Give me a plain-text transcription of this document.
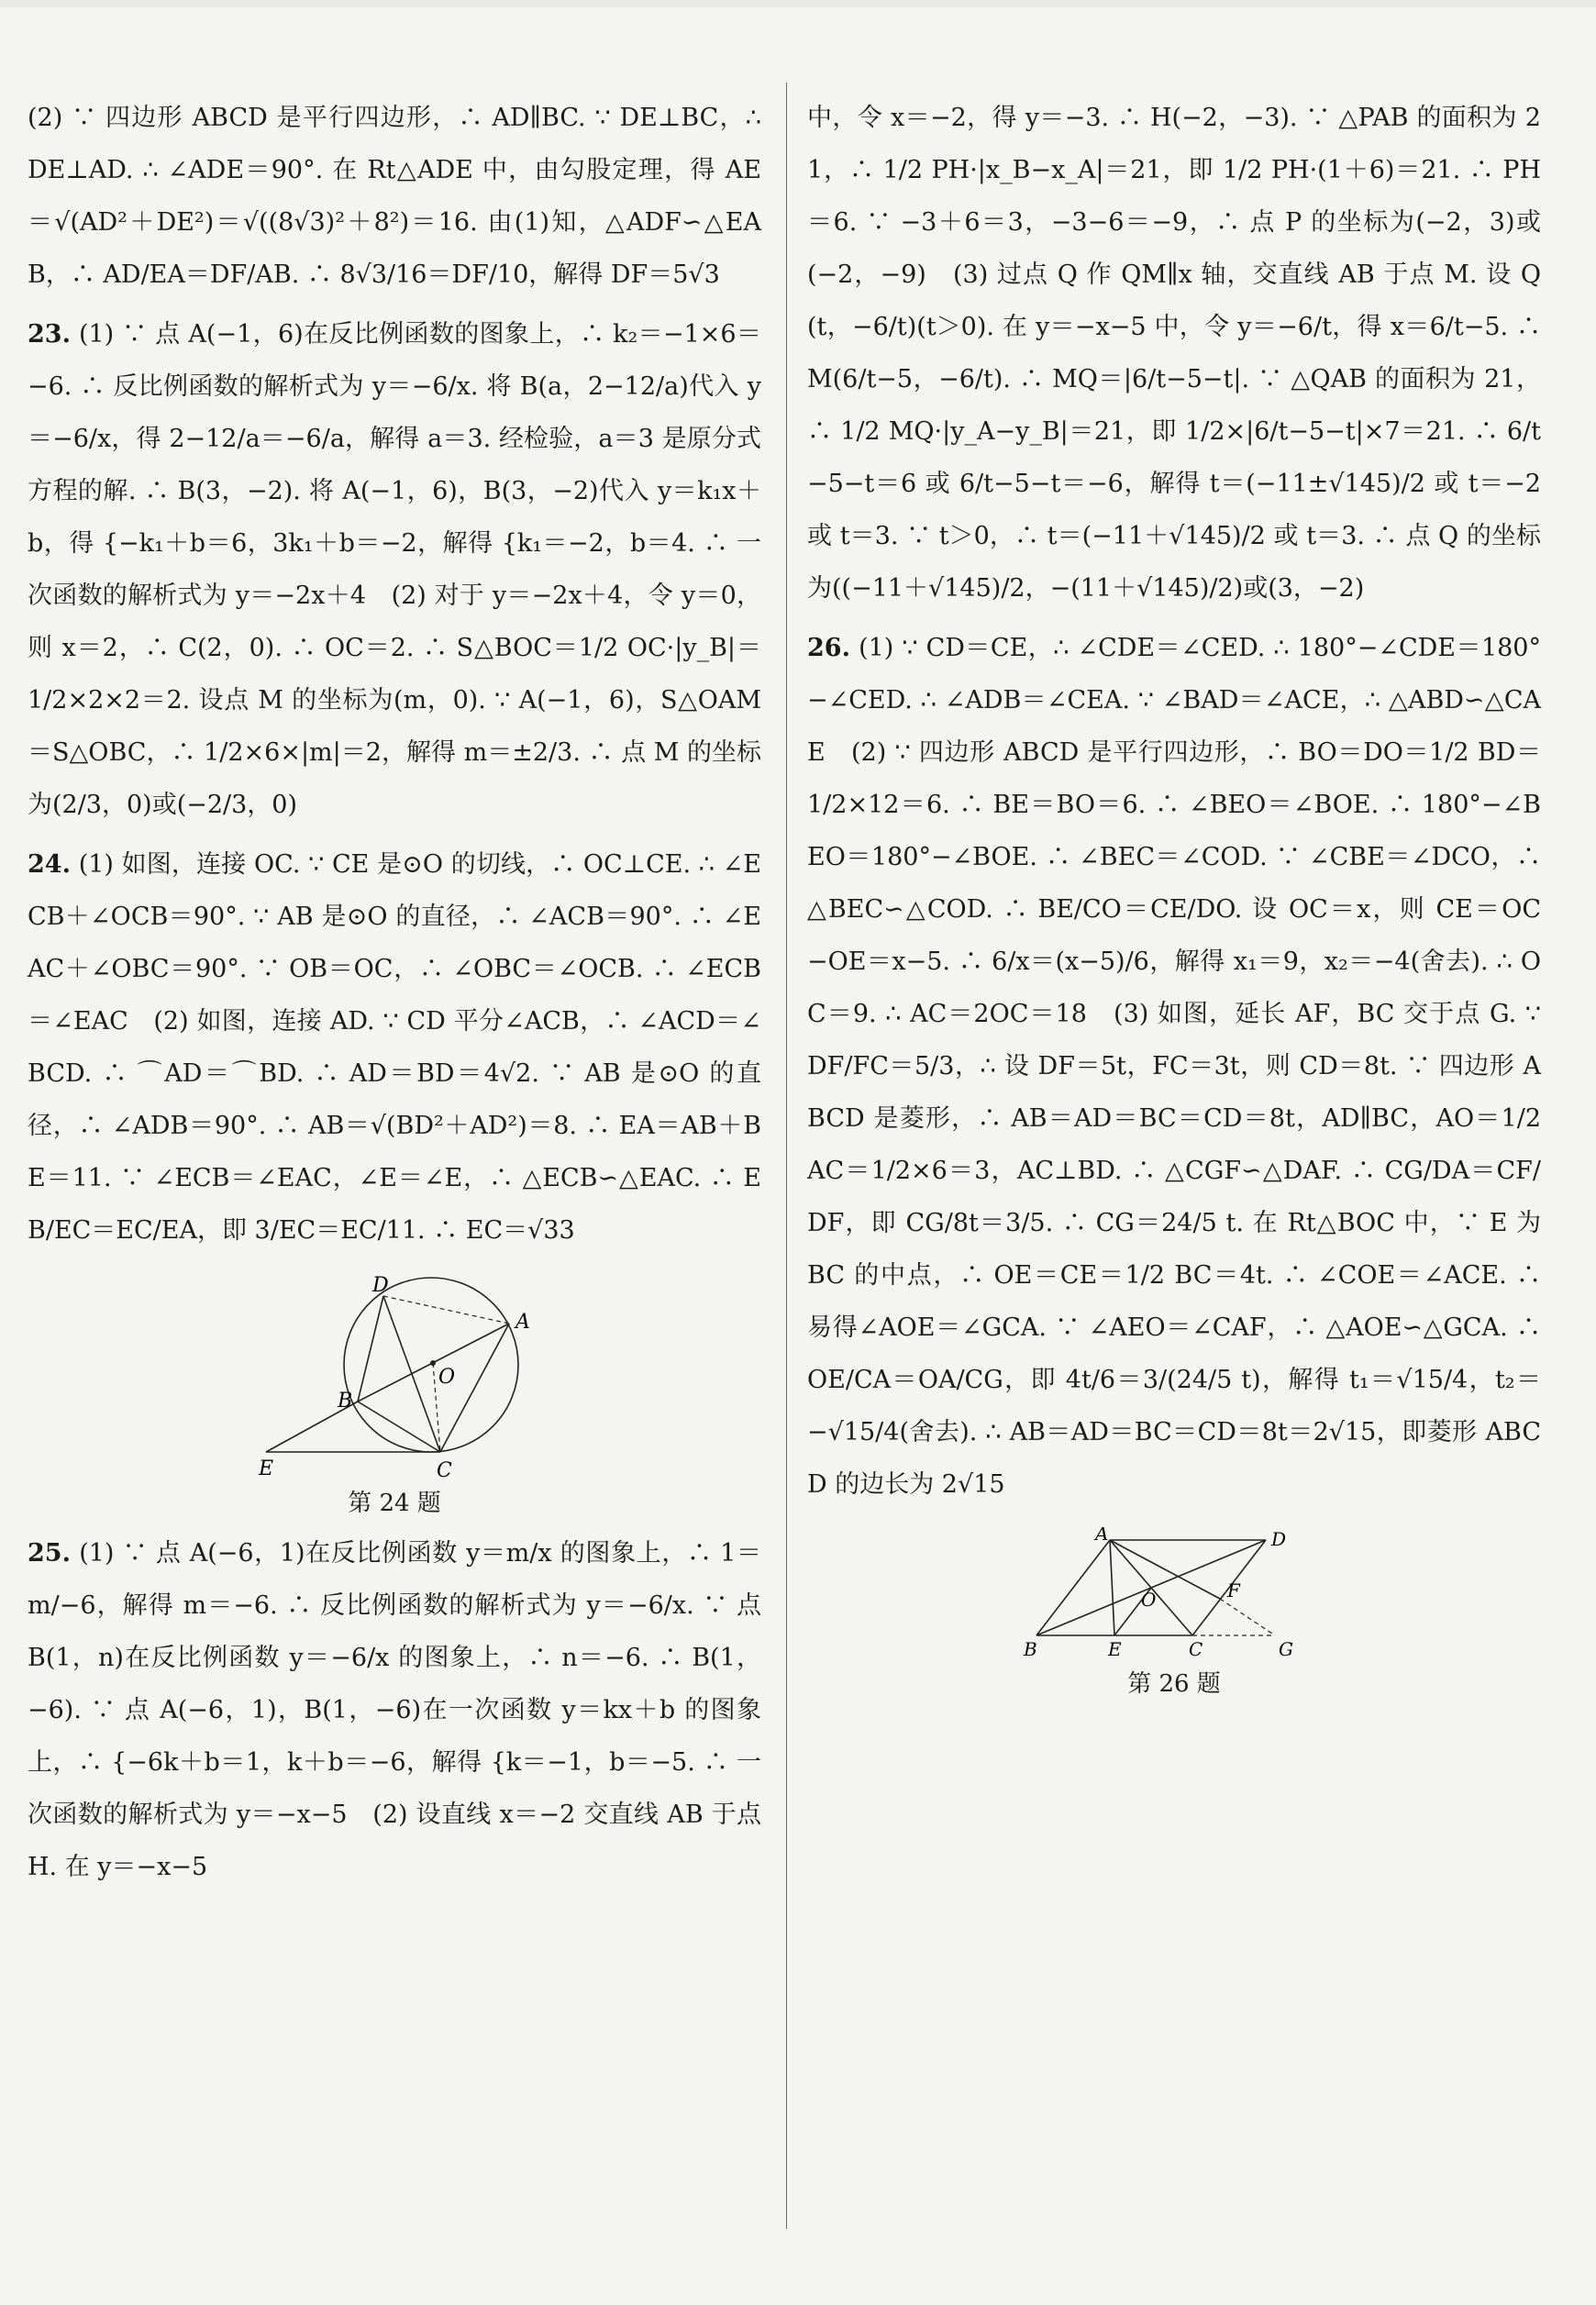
(2) ∵ 四边形 ABCD 是平行四边形，∴ AD∥BC. ∵ DE⊥BC，∴ DE⊥AD. ∴ ∠ADE＝90°. 在 Rt△ADE 中，由勾股定理，得 AE＝√(AD²＋DE²)＝√((8√3)²＋8²)＝16. 由(1)知，△ADF∽△EAB，∴ AD/EA＝DF/AB. ∴ 8√3/16＝DF/10，解得 DF＝5√3

23. (1) ∵ 点 A(−1，6)在反比例函数的图象上，∴ k₂＝−1×6＝−6. ∴ 反比例函数的解析式为 y＝−6/x. 将 B(a，2−12/a)代入 y＝−6/x，得 2−12/a＝−6/a，解得 a＝3. 经检验，a＝3 是原分式方程的解. ∴ B(3，−2). 将 A(−1，6)，B(3，−2)代入 y＝k₁x＋b，得 {−k₁＋b＝6，3k₁＋b＝−2，解得 {k₁＝−2，b＝4. ∴ 一次函数的解析式为 y＝−2x＋4　(2) 对于 y＝−2x＋4，令 y＝0，则 x＝2，∴ C(2，0). ∴ OC＝2. ∴ S△BOC＝1/2 OC·|y_B|＝1/2×2×2＝2. 设点 M 的坐标为(m，0). ∵ A(−1，6)，S△OAM＝S△OBC，∴ 1/2×6×|m|＝2，解得 m＝±2/3. ∴ 点 M 的坐标为(2/3，0)或(−2/3，0)

24. (1) 如图，连接 OC. ∵ CE 是⊙O 的切线，∴ OC⊥CE. ∴ ∠ECB＋∠OCB＝90°. ∵ AB 是⊙O 的直径，∴ ∠ACB＝90°. ∴ ∠EAC＋∠OBC＝90°. ∵ OB＝OC，∴ ∠OBC＝∠OCB. ∴ ∠ECB＝∠EAC　(2) 如图，连接 AD. ∵ CD 平分∠ACB，∴ ∠ACD＝∠BCD. ∴ ⌒AD＝⌒BD. ∴ AD＝BD＝4√2. ∵ AB 是⊙O 的直径，∴ ∠ADB＝90°. ∴ AB＝√(BD²＋AD²)＝8. ∴ EA＝AB＋BE＝11. ∵ ∠ECB＝∠EAC，∠E＝∠E，∴ △ECB∽△EAC. ∴ EB/EC＝EC/EA，即 3/EC＝EC/11. ∴ EC＝√33

D
A
O
B
E	C
第 24 题

25. (1) ∵ 点 A(−6，1)在反比例函数 y＝m/x 的图象上，∴ 1＝m/−6，解得 m＝−6. ∴ 反比例函数的解析式为 y＝−6/x. ∵ 点 B(1，n)在反比例函数 y＝−6/x 的图象上，∴ n＝−6. ∴ B(1，−6). ∵ 点 A(−6，1)，B(1，−6)在一次函数 y＝kx＋b 的图象上，∴ {−6k＋b＝1，k＋b＝−6，解得 {k＝−1，b＝−5. ∴ 一次函数的解析式为 y＝−x−5　(2) 设直线 x＝−2 交直线 AB 于点 H. 在 y＝−x−5

中，令 x＝−2，得 y＝−3. ∴ H(−2，−3). ∵ △PAB 的面积为 21，∴ 1/2 PH·|x_B−x_A|＝21，即 1/2 PH·(1＋6)＝21. ∴ PH＝6. ∵ −3＋6＝3，−3−6＝−9，∴ 点 P 的坐标为(−2，3)或(−2，−9)　(3) 过点 Q 作 QM∥x 轴，交直线 AB 于点 M. 设 Q(t，−6/t)(t＞0). 在 y＝−x−5 中，令 y＝−6/t，得 x＝6/t−5. ∴ M(6/t−5，−6/t). ∴ MQ＝|6/t−5−t|. ∵ △QAB 的面积为 21，∴ 1/2 MQ·|y_A−y_B|＝21，即 1/2×|6/t−5−t|×7＝21. ∴ 6/t−5−t＝6 或 6/t−5−t＝−6，解得 t＝(−11±√145)/2 或 t＝−2 或 t＝3. ∵ t＞0，∴ t＝(−11＋√145)/2 或 t＝3. ∴ 点 Q 的坐标为((−11＋√145)/2，−(11＋√145)/2)或(3，−2)

26. (1) ∵ CD＝CE，∴ ∠CDE＝∠CED. ∴ 180°−∠CDE＝180°−∠CED. ∴ ∠ADB＝∠CEA. ∵ ∠BAD＝∠ACE，∴ △ABD∽△CAE　(2) ∵ 四边形 ABCD 是平行四边形，∴ BO＝DO＝1/2 BD＝1/2×12＝6. ∴ BE＝BO＝6. ∴ ∠BEO＝∠BOE. ∴ 180°−∠BEO＝180°−∠BOE. ∴ ∠BEC＝∠COD. ∵ ∠CBE＝∠DCO，∴ △BEC∽△COD. ∴ BE/CO＝CE/DO. 设 OC＝x，则 CE＝OC−OE＝x−5. ∴ 6/x＝(x−5)/6，解得 x₁＝9，x₂＝−4(舍去). ∴ OC＝9. ∴ AC＝2OC＝18　(3) 如图，延长 AF，BC 交于点 G. ∵ DF/FC＝5/3，∴ 设 DF＝5t，FC＝3t，则 CD＝8t. ∵ 四边形 ABCD 是菱形，∴ AB＝AD＝BC＝CD＝8t，AD∥BC，AO＝1/2 AC＝1/2×6＝3，AC⊥BD. ∴ △CGF∽△DAF. ∴ CG/DA＝CF/DF，即 CG/8t＝3/5. ∴ CG＝24/5 t. 在 Rt△BOC 中，∵ E 为 BC 的中点，∴ OE＝CE＝1/2 BC＝4t. ∴ ∠COE＝∠ACE. ∴ 易得∠AOE＝∠GCA. ∵ ∠AEO＝∠CAF，∴ △AOE∽△GCA. ∴ OE/CA＝OA/CG，即 4t/6＝3/(24/5 t)，解得 t₁＝√15/4，t₂＝−√15/4(舍去). ∴ AB＝AD＝BC＝CD＝8t＝2√15，即菱形 ABCD 的边长为 2√15

A	D
O	F
B	E	C	G
第 26 题
